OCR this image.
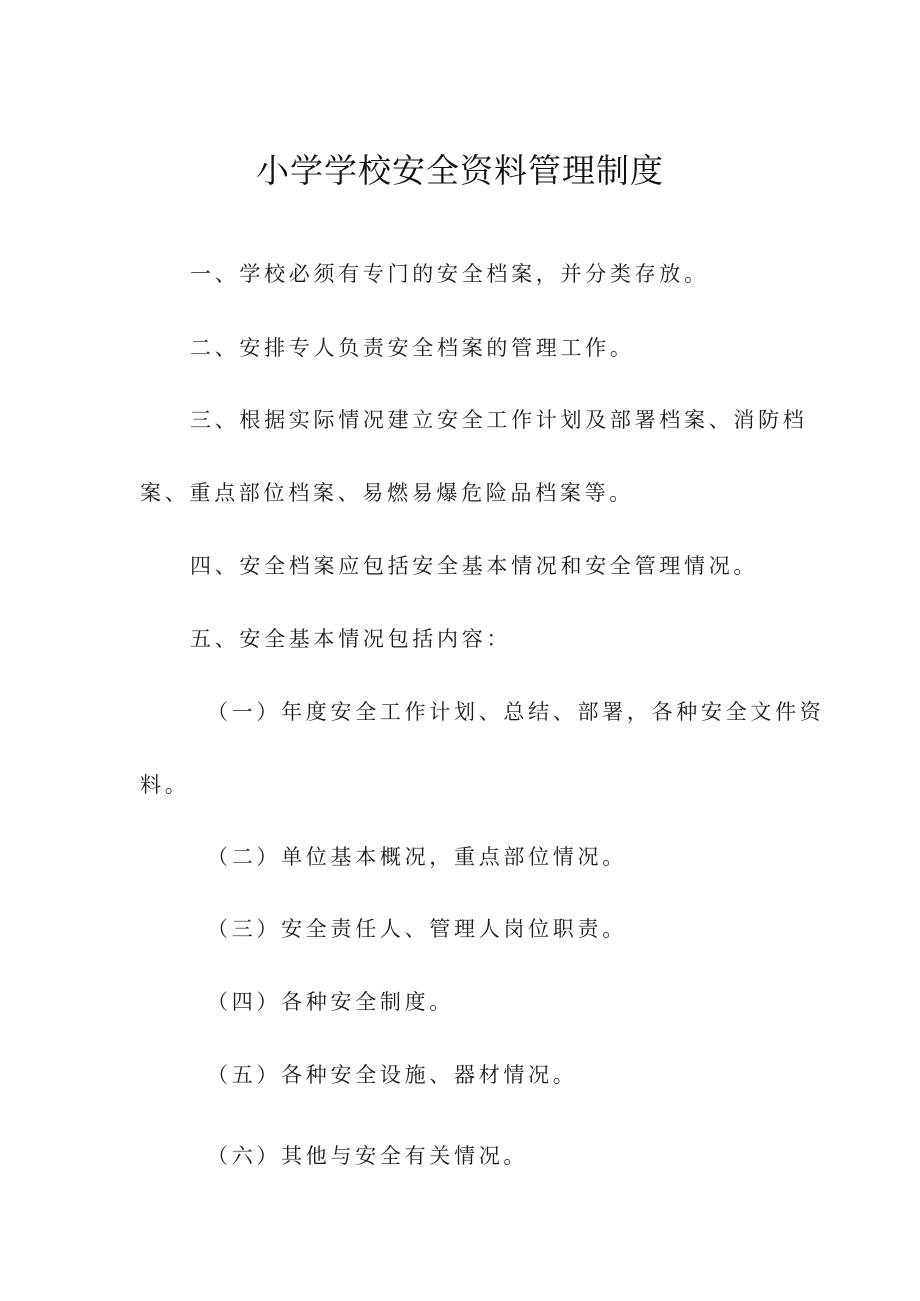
小学学校安全资料管理制度
一、学校必须有专门的安全档案，并分类存放。
二、安排专人负责安全档案的管理工作。
三、根据实际情况建立安全工作计划及部署档案、消防档
案、重点部位档案、易燃易爆危险品档案等。
四、安全档案应包括安全基本情况和安全管理情况。
五、安全基本情况包括内容：
（一）年度安全工作计划、总结、部署，各种安全文件资
料。
（二）单位基本概况，重点部位情况。
（三）安全责任人、管理人岗位职责。
（四）各种安全制度。
（五）各种安全设施、器材情况。
（六）其他与安全有关情况。
